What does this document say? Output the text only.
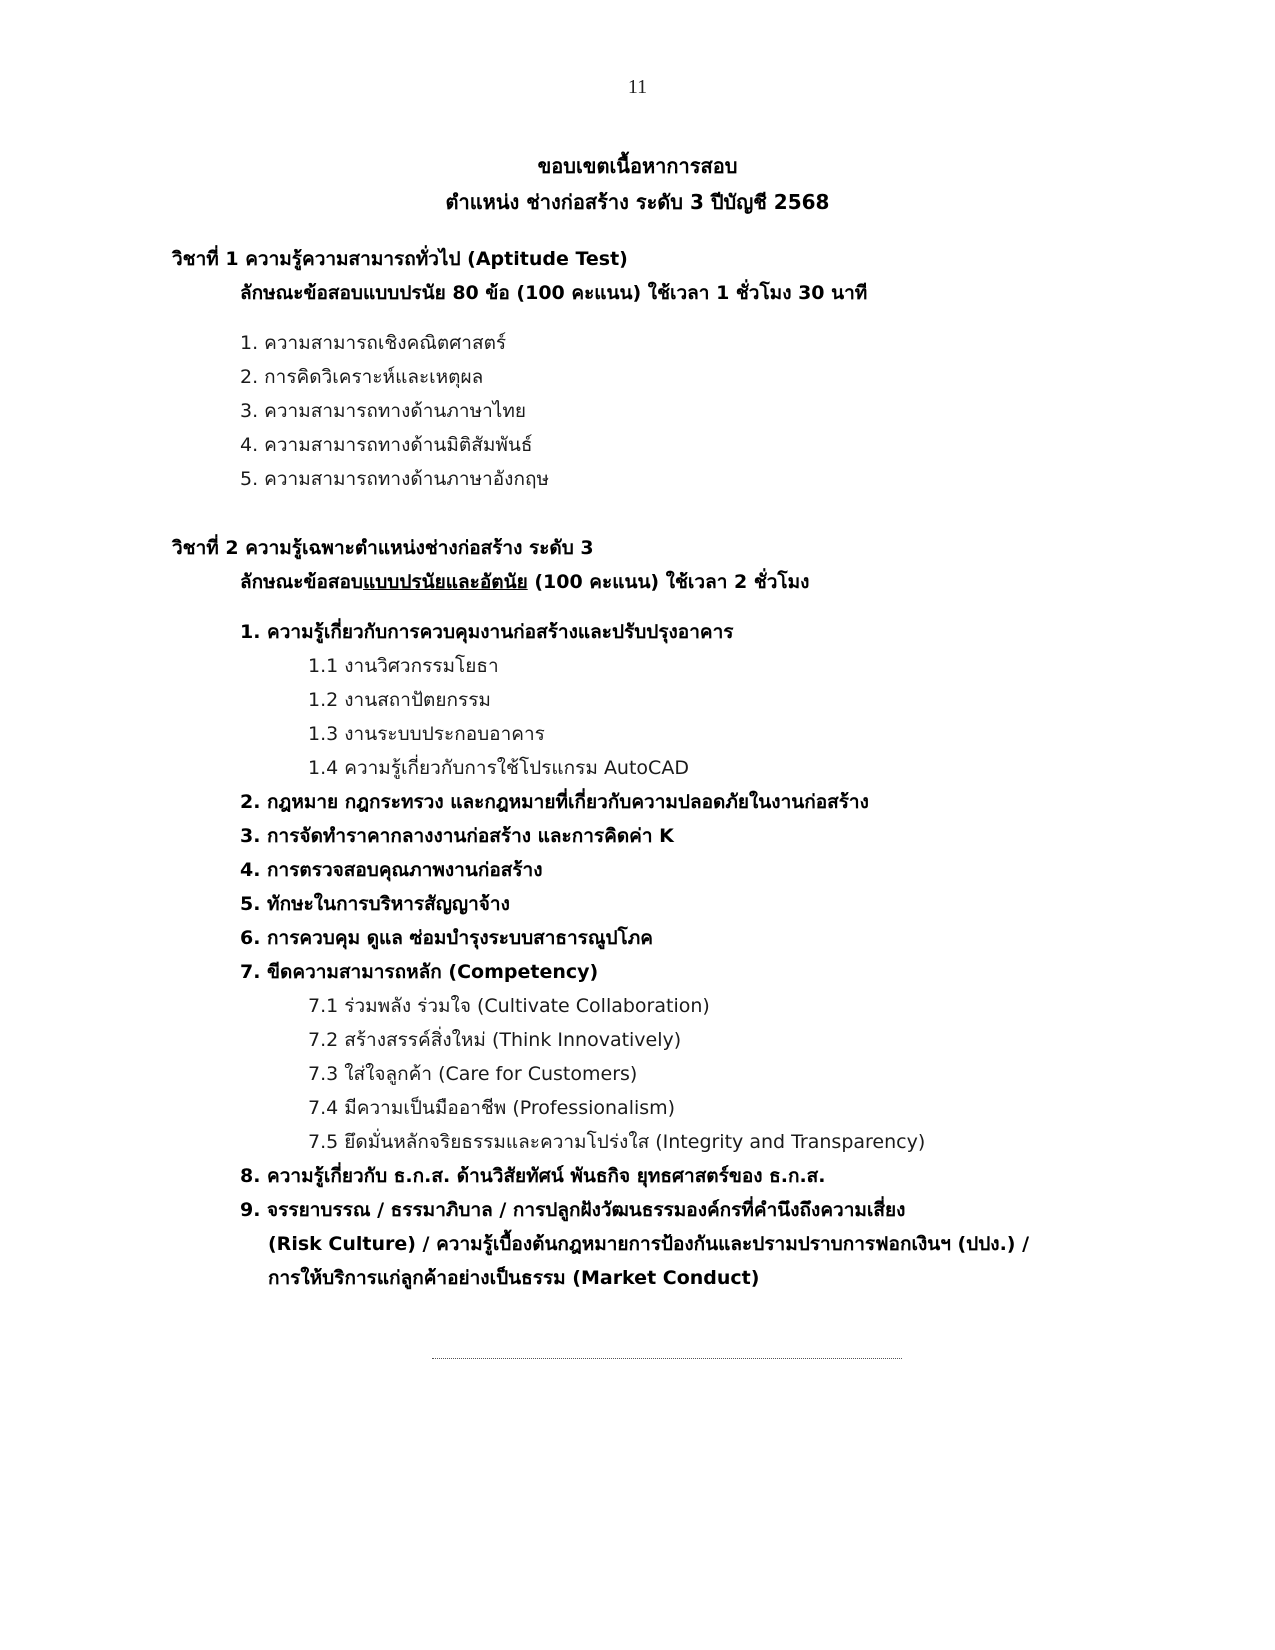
11
ขอบเขตเนื้อหาการสอบ
ตำแหน่ง ช่างก่อสร้าง ระดับ 3 ปีบัญชี 2568
วิชาที่ 1 ความรู้ความสามารถทั่วไป (Aptitude Test)
ลักษณะข้อสอบแบบปรนัย 80 ข้อ (100 คะแนน) ใช้เวลา 1 ชั่วโมง 30 นาที
1. ความสามารถเชิงคณิตศาสตร์
2. การคิดวิเคราะห์และเหตุผล
3. ความสามารถทางด้านภาษาไทย
4. ความสามารถทางด้านมิติสัมพันธ์
5. ความสามารถทางด้านภาษาอังกฤษ
วิชาที่ 2 ความรู้เฉพาะตำแหน่งช่างก่อสร้าง ระดับ 3
ลักษณะข้อสอบแบบปรนัยและอัตนัย (100 คะแนน) ใช้เวลา 2 ชั่วโมง
1. ความรู้เกี่ยวกับการควบคุมงานก่อสร้างและปรับปรุงอาคาร
1.1 งานวิศวกรรมโยธา
1.2 งานสถาปัตยกรรม
1.3 งานระบบประกอบอาคาร
1.4 ความรู้เกี่ยวกับการใช้โปรแกรม AutoCAD
2. กฎหมาย กฎกระทรวง และกฎหมายที่เกี่ยวกับความปลอดภัยในงานก่อสร้าง
3. การจัดทำราคากลางงานก่อสร้าง และการคิดค่า K
4. การตรวจสอบคุณภาพงานก่อสร้าง
5. ทักษะในการบริหารสัญญาจ้าง
6. การควบคุม ดูแล ซ่อมบำรุงระบบสาธารณูปโภค
7. ขีดความสามารถหลัก (Competency)
7.1 ร่วมพลัง ร่วมใจ (Cultivate Collaboration)
7.2 สร้างสรรค์สิ่งใหม่ (Think Innovatively)
7.3 ใส่ใจลูกค้า (Care for Customers)
7.4 มีความเป็นมืออาชีพ (Professionalism)
7.5 ยึดมั่นหลักจริยธรรมและความโปร่งใส (Integrity and Transparency)
8. ความรู้เกี่ยวกับ ธ.ก.ส. ด้านวิสัยทัศน์ พันธกิจ ยุทธศาสตร์ของ ธ.ก.ส.
9. จรรยาบรรณ / ธรรมาภิบาล / การปลูกฝังวัฒนธรรมองค์กรที่คำนึงถึงความเสี่ยง
(Risk Culture) / ความรู้เบื้องต้นกฎหมายการป้องกันและปรามปราบการฟอกเงินฯ (ปปง.) /
การให้บริการแก่ลูกค้าอย่างเป็นธรรม (Market Conduct)
